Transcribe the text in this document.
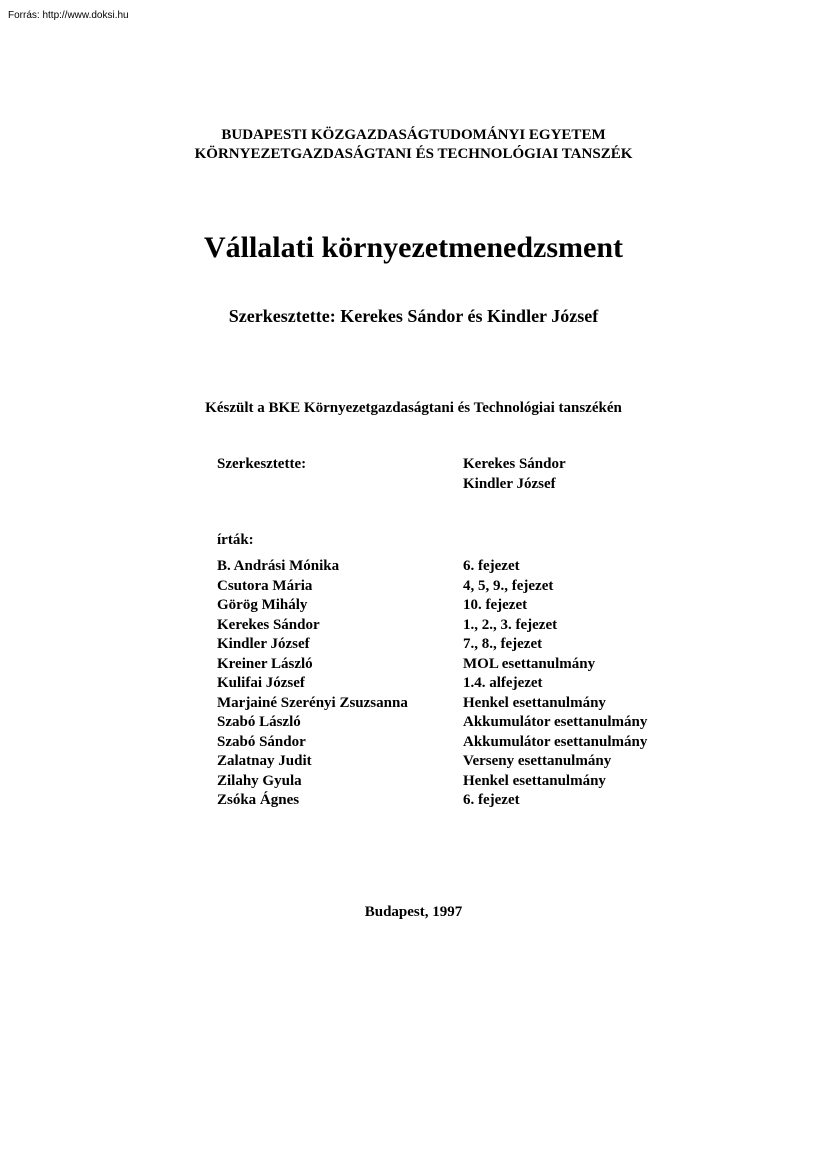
Forrás: http://www.doksi.hu
BUDAPESTI KÖZGAZDASÁGTUDOMÁNYI EGYETEM
KÖRNYEZETGAZDASÁGTANI ÉS TECHNOLÓGIAI TANSZÉK
Vállalati környezetmenedzsment
Szerkesztette: Kerekes Sándor és Kindler József
Készült a BKE Környezetgazdaságtani és Technológiai tanszékén
Szerkesztette:	Kerekes Sándor
Kindler József
írták:
B. Andrási Mónika	6. fejezet
Csutora Mária	4, 5, 9., fejezet
Görög Mihály	10. fejezet
Kerekes Sándor	1., 2., 3. fejezet
Kindler József	7., 8., fejezet
Kreiner László	MOL esettanulmány
Kulifai József	1.4. alfejezet
Marjainé Szerényi Zsuzsanna	Henkel esettanulmány
Szabó László	Akkumulátor esettanulmány
Szabó Sándor	Akkumulátor esettanulmány
Zalatnay Judit	Verseny esettanulmány
Zilahy Gyula	Henkel esettanulmány
Zsóka Ágnes	6. fejezet
Budapest, 1997
